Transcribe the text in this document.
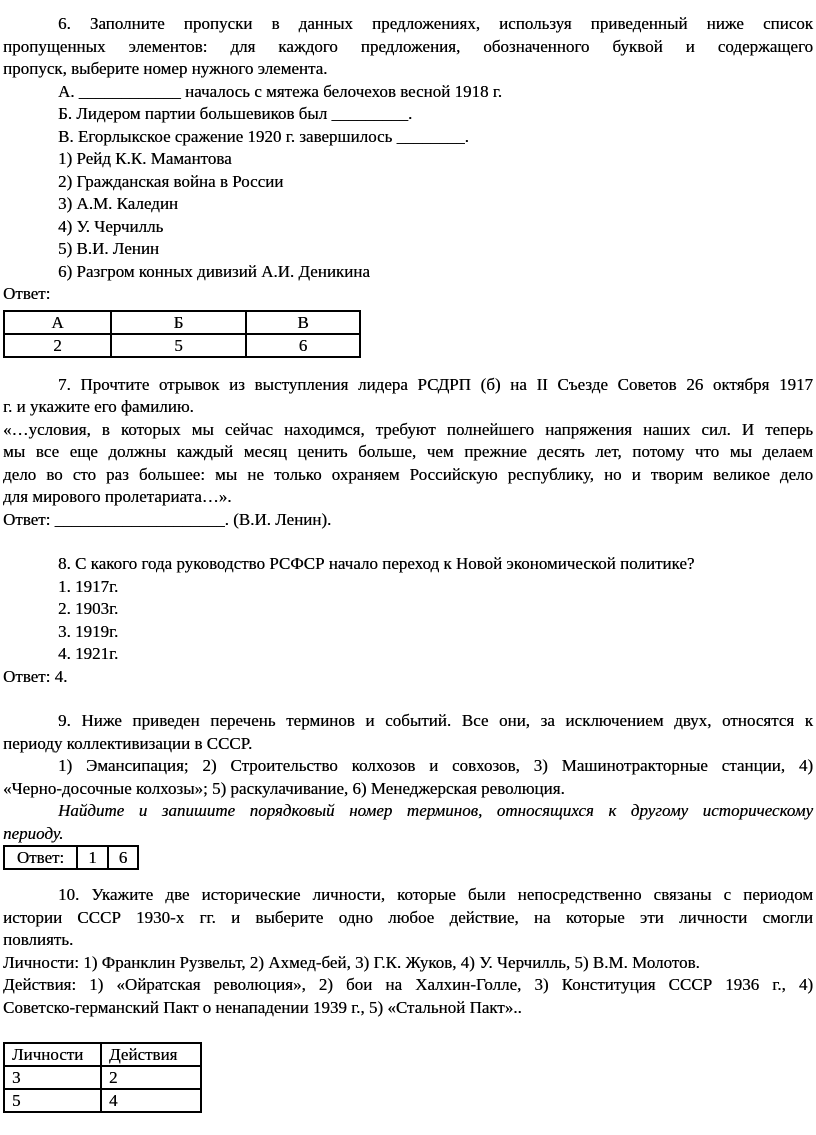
6. Заполните пропуски в данных предложениях, используя приведенный ниже список
пропущенных элементов: для каждого предложения, обозначенного буквой и содержащего
пропуск, выберите номер нужного элемента.
А. ____________ началось с мятежа белочехов весной 1918 г.
Б. Лидером партии большевиков был _________.
В. Егорлыкское сражение 1920 г. завершилось ________.
1) Рейд К.К. Мамантова
2) Гражданская война в России
3) А.М. Каледин
4) У. Черчилль
5) В.И. Ленин
6) Разгром конных дивизий А.И. Деникина
Ответ:
А	Б	В
2	5	6
7. Прочтите отрывок из выступления лидера РСДРП (б) на II Съезде Советов 26 октября 1917
г. и укажите его фамилию.
«…условия, в которых мы сейчас находимся, требуют полнейшего напряжения наших сил. И теперь
мы все еще должны каждый месяц ценить больше, чем прежние десять лет, потому что мы делаем
дело во сто раз большее: мы не только охраняем Российскую республику, но и творим великое дело
для мирового пролетариата…».
Ответ: ____________________. (В.И. Ленин).
8. С какого года руководство РСФСР начало переход к Новой экономической политике?
1. 1917г.
2. 1903г.
3. 1919г.
4. 1921г.
Ответ: 4.
9. Ниже приведен перечень терминов и событий. Все они, за исключением двух, относятся к
периоду коллективизации в СССР.
1) Эмансипация; 2) Строительство колхозов и совхозов, 3) Машинотракторные станции, 4)
«Черно-досочные колхозы»; 5) раскулачивание, 6) Менеджерская революция.
Найдите и запишите порядковый номер терминов, относящихся к другому историческому
периоду.
Ответ:	1	6
10. Укажите две исторические личности, которые были непосредственно связаны с периодом
истории СССР 1930-х гг. и выберите одно любое действие, на которые эти личности смогли
повлиять.
Личности: 1) Франклин Рузвельт, 2) Ахмед-бей, 3) Г.К. Жуков, 4) У. Черчилль, 5) В.М. Молотов.
Действия: 1) «Ойратская революция», 2) бои на Халхин-Голле, 3) Конституция СССР 1936 г., 4)
Советско-германский Пакт о ненападении 1939 г., 5) «Стальной Пакт»..
Личности	Действия
3	2
5	4
